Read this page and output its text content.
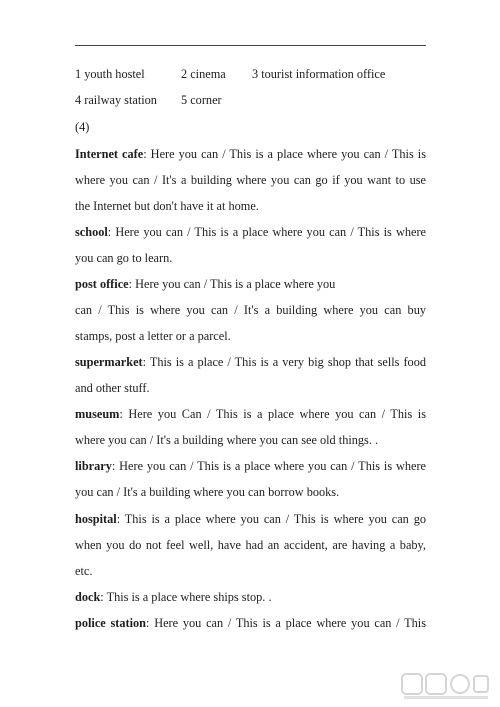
1 youth hostel	2 cinema 3 tourist information office
4 railway station 5 corner
(4)
Internet cafe: Here you can / This is a place where you can / This is
where you can / It's a building where you can go if you want to use
the Internet but don't have it at home.
school: Here you can / This is a place where you can / This is where
you can go to learn.
post office: Here you can / This is a place where you
can / This is where you can / It's a building where you can buy
stamps, post a letter or a parcel.
supermarket: This is a place / This is a very big shop that sells food
and other stuff.
museum: Here you Can / This is a place where you can / This is
where you can / It's a building where you can see old things. .
library: Here you can / This is a place where you can / This is where
you can / It's a building where you can borrow books.
hospital: This is a place where you can / This is where you can go
when you do not feel well, have had an accident, are having a baby,
etc.
dock: This is a place where ships stop. .
police station: Here you can / This is a place where you can / This
